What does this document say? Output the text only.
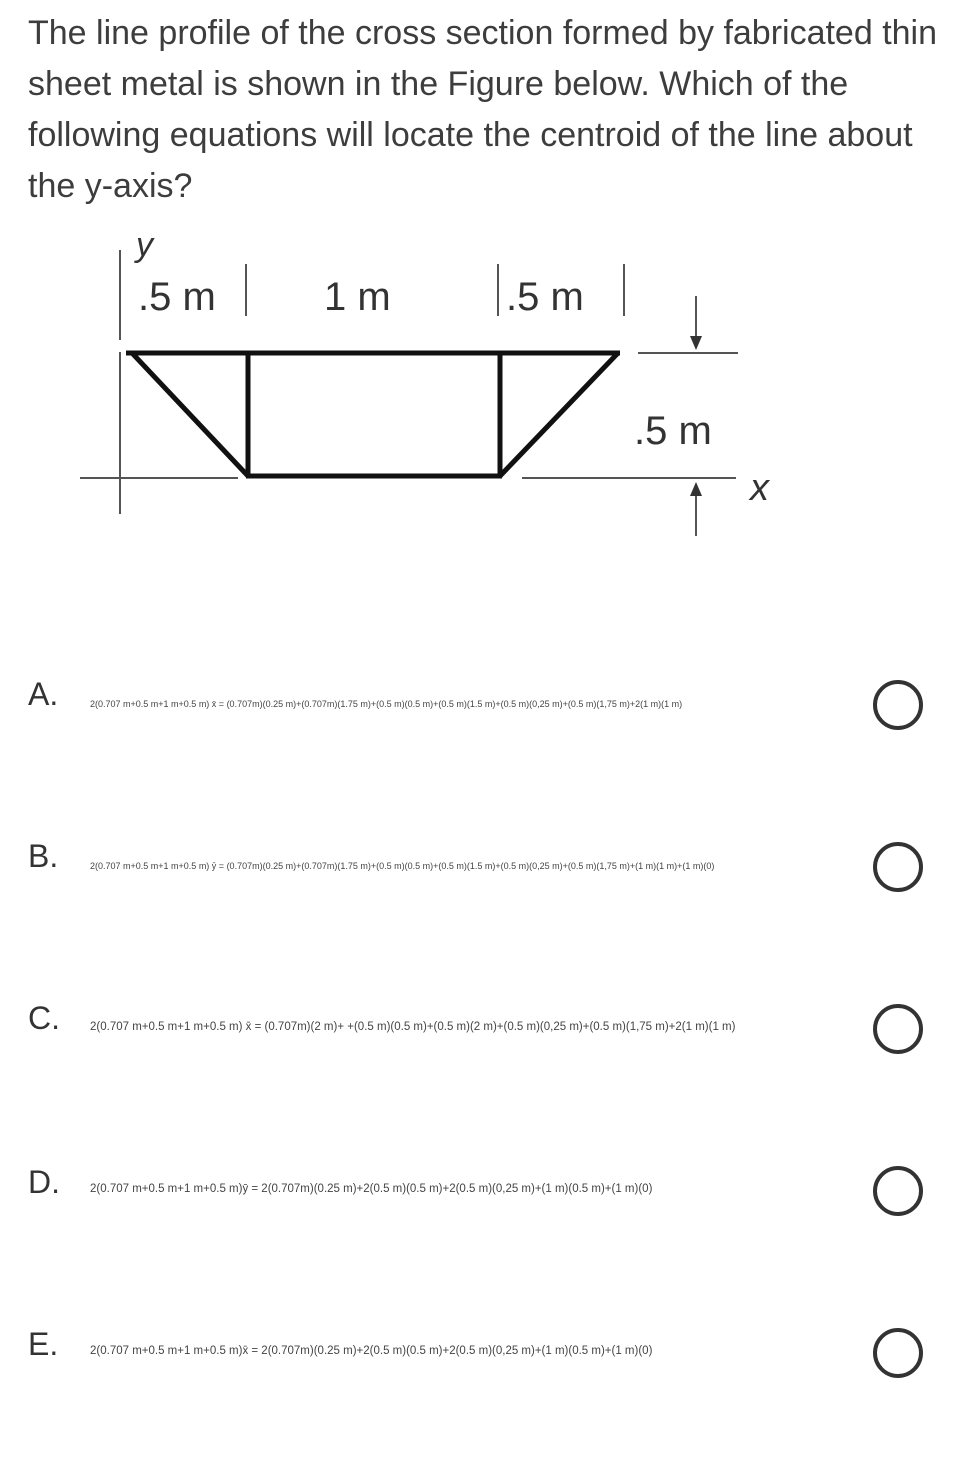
The line profile of the cross section formed by fabricated thin sheet metal is shown in the Figure below. Which of the following equations will locate the centroid of the line about the y-axis?
y
x
.5 m	1 m	.5 m
.5 m
A.	2(0.707 m+0.5 m+1 m+0.5 m) x̄ = (0.707m)(0.25 m)+(0.707m)(1.75 m)+(0.5 m)(0.5 m)+(0.5 m)(1.5 m)+(0.5 m)(0,25 m)+(0.5 m)(1,75 m)+2(1 m)(1 m)
B.	2(0.707 m+0.5 m+1 m+0.5 m) ȳ = (0.707m)(0.25 m)+(0.707m)(1.75 m)+(0.5 m)(0.5 m)+(0.5 m)(1.5 m)+(0.5 m)(0,25 m)+(0.5 m)(1,75 m)+(1 m)(1 m)+(1 m)(0)
C.	2(0.707 m+0.5 m+1 m+0.5 m) x̄ = (0.707m)(2 m)+ +(0.5 m)(0.5 m)+(0.5 m)(2 m)+(0.5 m)(0,25 m)+(0.5 m)(1,75 m)+2(1 m)(1 m)
D.	2(0.707 m+0.5 m+1 m+0.5 m)ȳ = 2(0.707m)(0.25 m)+2(0.5 m)(0.5 m)+2(0.5 m)(0,25 m)+(1 m)(0.5 m)+(1 m)(0)
E.	2(0.707 m+0.5 m+1 m+0.5 m)x̄ = 2(0.707m)(0.25 m)+2(0.5 m)(0.5 m)+2(0.5 m)(0,25 m)+(1 m)(0.5 m)+(1 m)(0)
